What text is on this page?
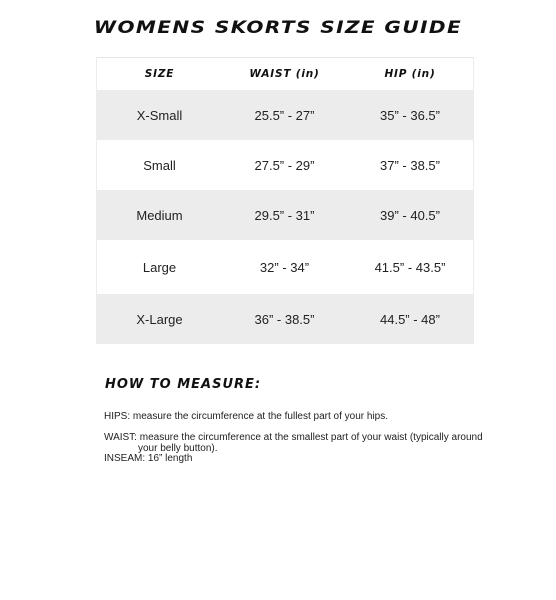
WOMENS SKORTS SIZE GUIDE
SIZE	WAIST (in)	HIP (in)
X-Small	25.5” - 27”	35” - 36.5”
Small	27.5” - 29”	37” - 38.5”
Medium	29.5” - 31”	39” - 40.5”
Large	32” - 34”	41.5” - 43.5”
X-Large	36” - 38.5”	44.5” - 48”
HOW TO MEASURE:
HIPS: measure the circumference at the fullest part of your hips.
WAIST: measure the circumference at the smallest part of your waist (typically around
your belly button).
INSEAM: 16” length
